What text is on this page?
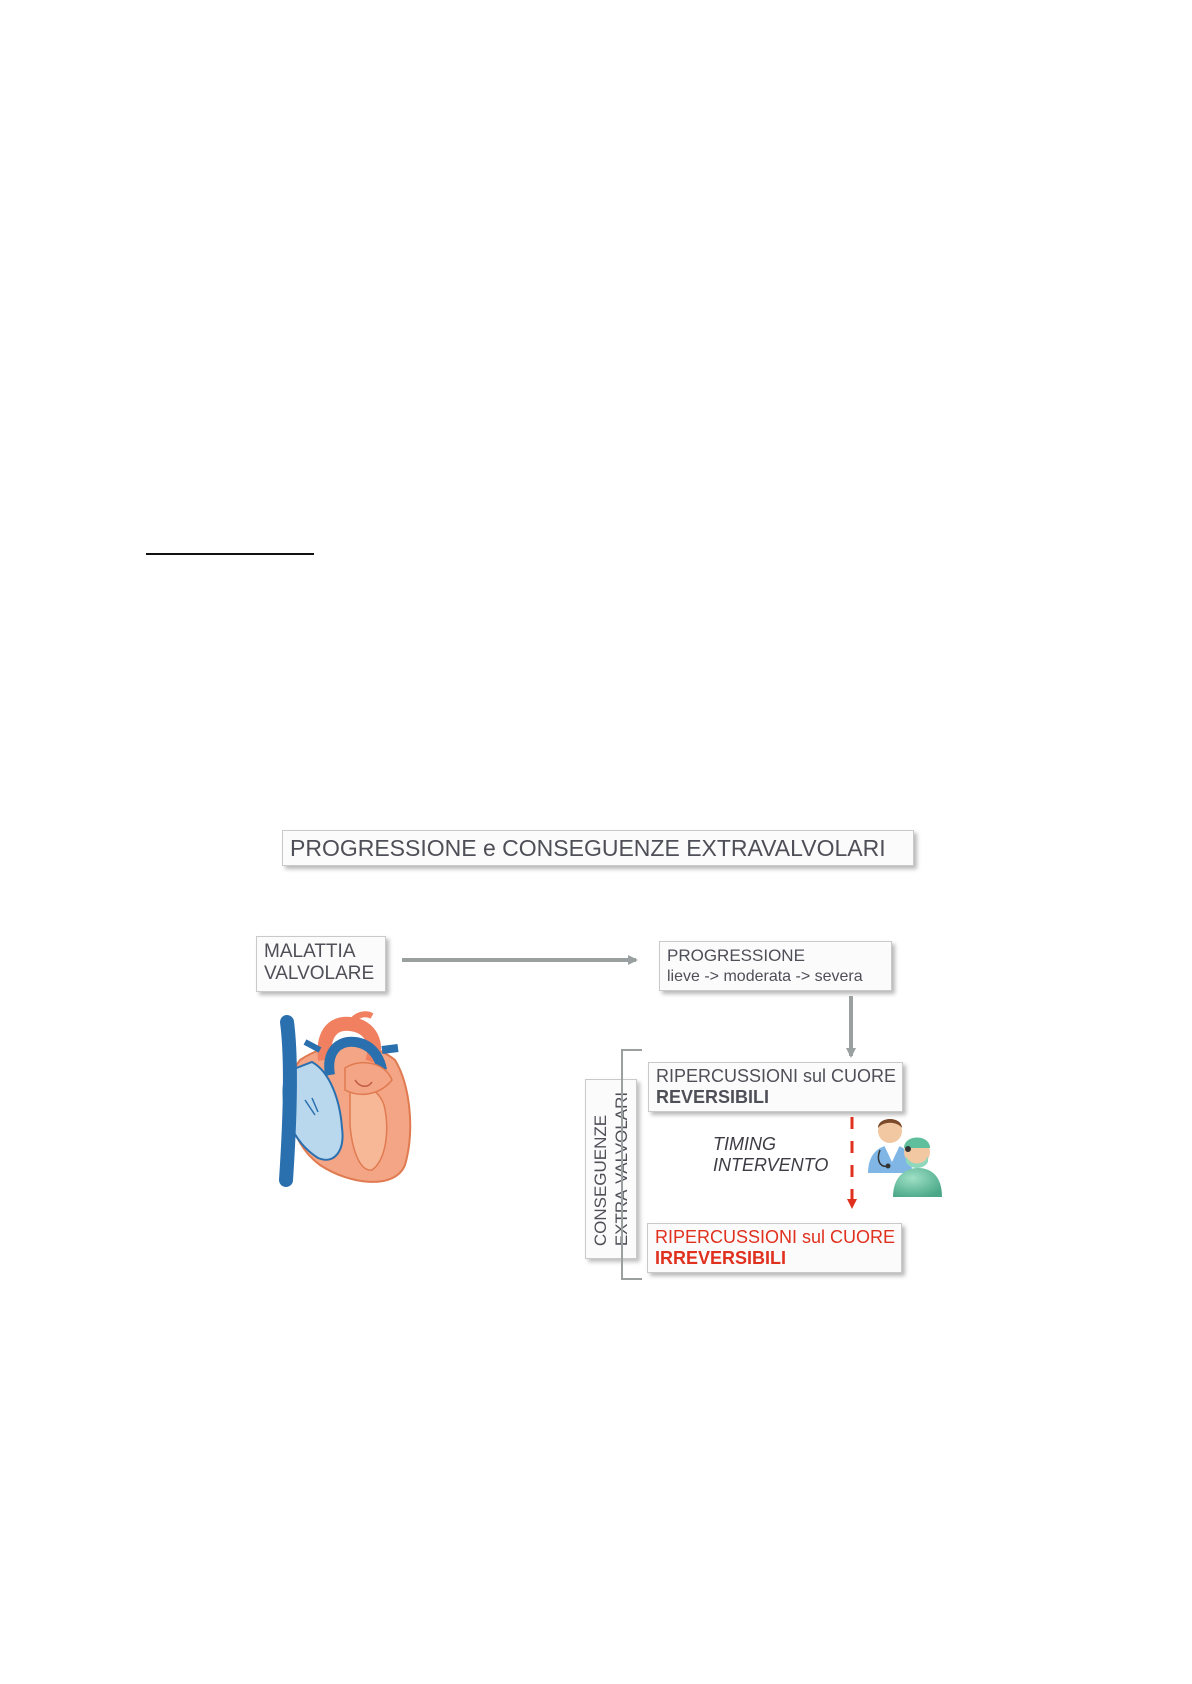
PROGRESSIONE e CONSEGUENZE EXTRAVALVOLARI
MALATTIA
VALVOLARE
PROGRESSIONE
lieve -> moderata -> severa
RIPERCUSSIONI sul CUORE
REVERSIBILI
TIMING
INTERVENTO
RIPERCUSSIONI sul CUORE
IRREVERSIBILI
CONSEGUENZE EXTRA-VALVOLARI
